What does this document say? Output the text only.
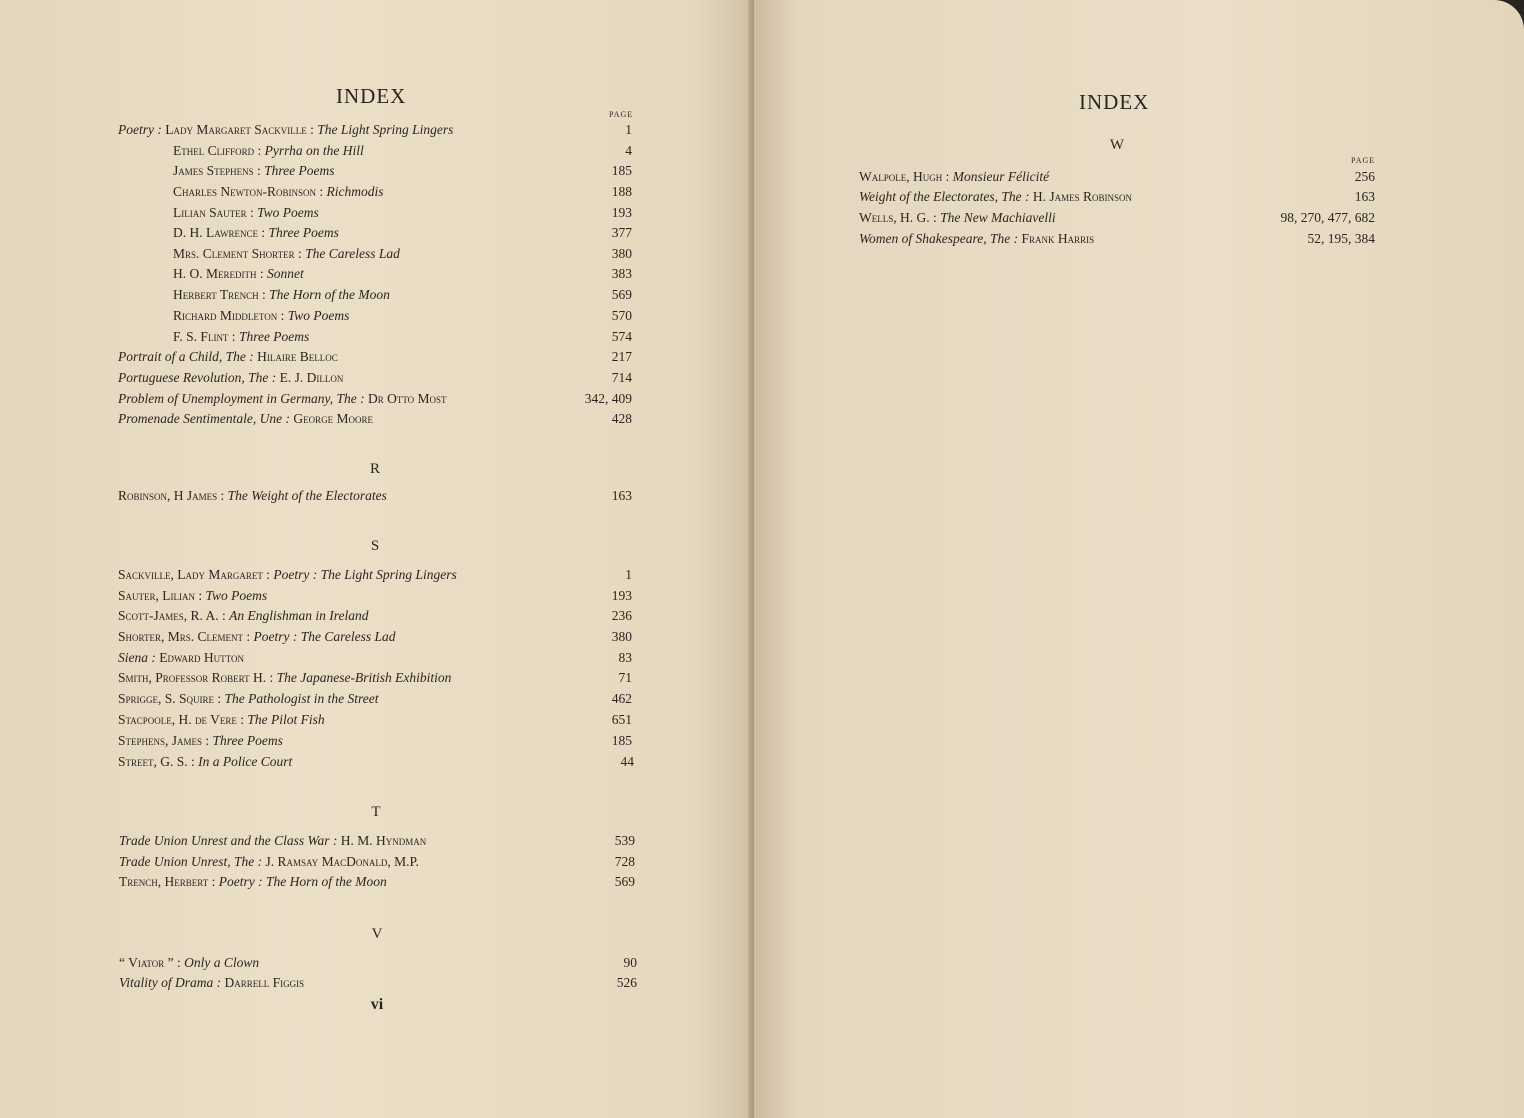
INDEX
PAGE
Poetry : Lady Margaret Sackville : The Light Spring Lingers	1
Ethel Clifford : Pyrrha on the Hill	4
James Stephens : Three Poems	185
Charles Newton-Robinson : Richmodis	188
Lilian Sauter : Two Poems	193
D. H. Lawrence : Three Poems	377
Mrs. Clement Shorter : The Careless Lad	380
H. O. Meredith : Sonnet	383
Herbert Trench : The Horn of the Moon	569
Richard Middleton : Two Poems	570
F. S. Flint : Three Poems	574
Portrait of a Child, The : Hilaire Belloc	217
Portuguese Revolution, The : E. J. Dillon	714
Problem of Unemployment in Germany, The : Dr Otto Most	342, 409
Promenade Sentimentale, Une : George Moore	428
R
Robinson, H James : The Weight of the Electorates	163
S
Sackville, Lady Margaret : Poetry : The Light Spring Lingers	1
Sauter, Lilian : Two Poems	193
Scott-James, R. A. : An Englishman in Ireland	236
Shorter, Mrs. Clement : Poetry : The Careless Lad	380
Siena : Edward Hutton	83
Smith, Professor Robert H. : The Japanese-British Exhibition	71
Sprigge, S. Squire : The Pathologist in the Street	462
Stacpoole, H. de Vere : The Pilot Fish	651
Stephens, James : Three Poems	185
Street, G. S. : In a Police Court	44
T
Trade Union Unrest and the Class War : H. M. Hyndman	539
Trade Union Unrest, The : J. Ramsay MacDonald, M.P.	728
Trench, Herbert : Poetry : The Horn of the Moon	569
V
“ Viator ” : Only a Clown	90
Vitality of Drama : Darrell Figgis	526
vi
INDEX
W
PAGE
Walpole, Hugh : Monsieur Félicité	256
Weight of the Electorates, The : H. James Robinson	163
Wells, H. G. : The New Machiavelli	98, 270, 477, 682
Women of Shakespeare, The : Frank Harris	52, 195, 384
